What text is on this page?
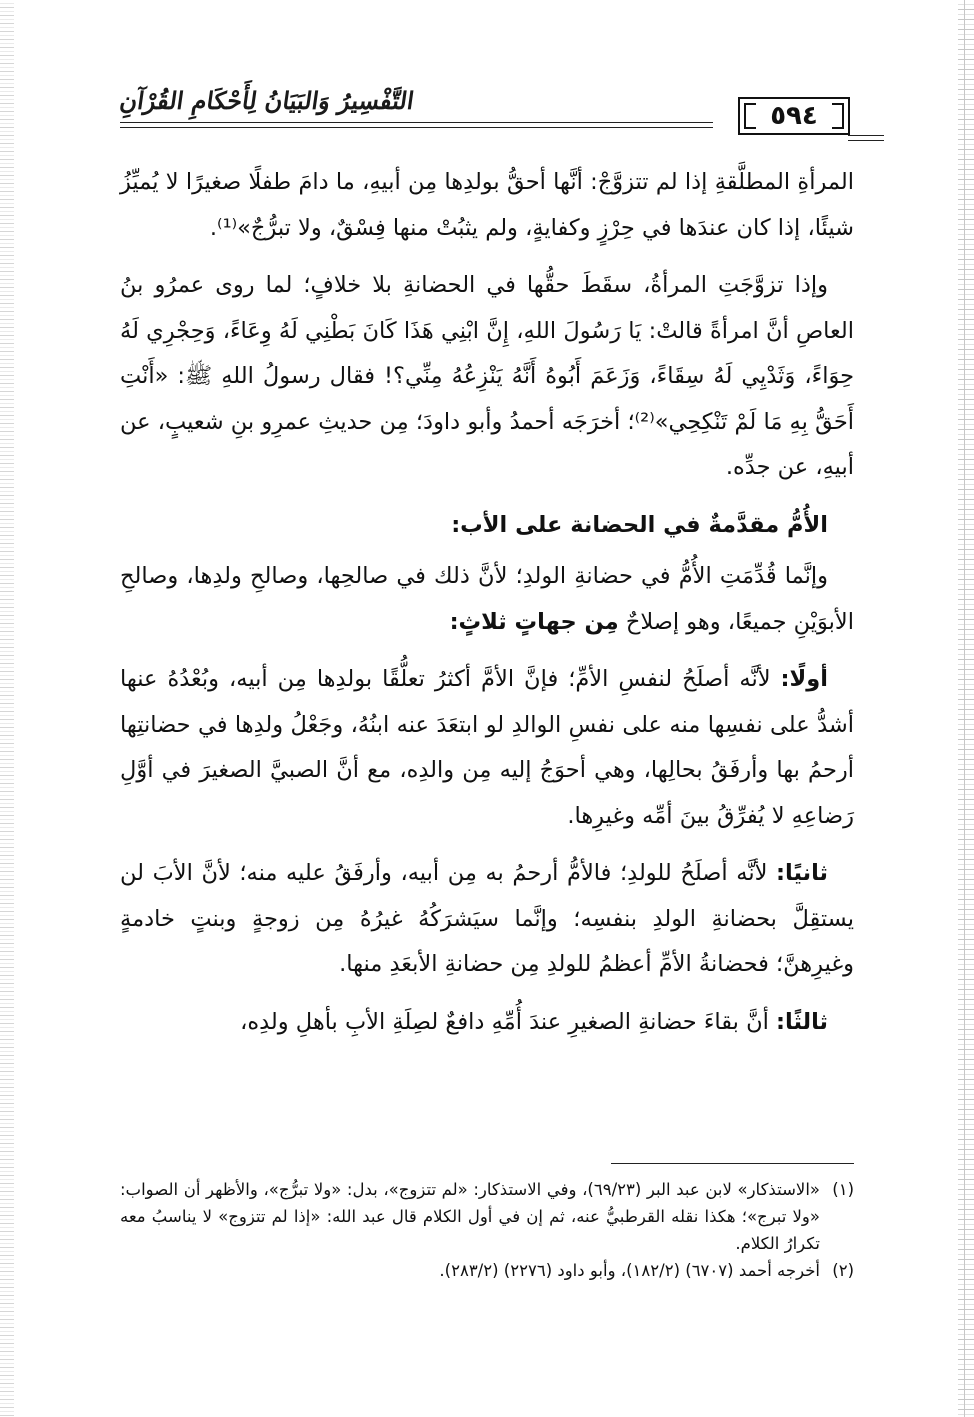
التَّفْسِيرُ وَالبَيَانُ لِأَحْكَامِ القُرْآنِ
٥٩٤

المرأةِ المطلَّقةِ إذا لم تتزوَّجْ: أنَّها أحقُّ بولدِها مِن أبيهِ، ما دامَ طفلًا صغيرًا لا يُميِّزُ شيئًا، إذا كان عندَها في حِرْزٍ وكفايةٍ، ولم يثبُتْ منها فِسْقٌ، ولا تبرُّجٌ»⁽¹⁾.

وإذا تزوَّجَتِ المرأةُ، سقَطَ حقُّها في الحضانةِ بلا خلافٍ؛ لما روى عمرُو بنُ العاصِ أنَّ امرأةً قالتْ: يَا رَسُولَ اللهِ، إِنَّ ابْنِي هَذَا كَانَ بَطْنِي لَهُ وِعَاءً، وَحِجْرِي لَهُ حِوَاءً، وَثَدْيِي لَهُ سِقَاءً، وَزَعَمَ أَبُوهُ أَنَّهُ يَنْزِعُهُ مِنِّي؟! فقال رسولُ اللهِ ﷺ: «أَنْتِ أَحَقُّ بِهِ مَا لَمْ تَنْكِحِي»⁽²⁾؛ أخرَجَه أحمدُ وأبو داودَ؛ مِن حديثِ عمرِو بنِ شعيبٍ، عن أبيهِ، عن جدِّه.

الأُمُّ مقدَّمةٌ في الحضانة على الأب:

وإنَّما قُدِّمَتِ الأُمُّ في حضانةِ الولدِ؛ لأنَّ ذلك في صالحِها، وصالحِ ولدِها، وصالحِ الأبوَيْنِ جميعًا، وهو إصلاحٌ مِن جهاتٍ ثلاثٍ:

أولًا: لأنَّه أصلَحُ لنفسِ الأمِّ؛ فإنَّ الأمَّ أكثرُ تعلُّقًا بولدِها مِن أبيه، وبُعْدُهُ عنها أشدُّ على نفسِها منه على نفسِ الوالدِ لو ابتعَدَ عنه ابنُهُ، وجَعْلُ ولدِها في حضانتِها أرحمُ بها وأرفَقُ بحالِها، وهي أحوَجُ إليه مِن والدِه، مع أنَّ الصبيَّ الصغيرَ في أوَّلِ رَضاعِهِ لا يُفرِّقُ بينَ أمِّه وغيرِها.

ثانيًا: لأنَّه أصلَحُ للولدِ؛ فالأمُّ أرحمُ به مِن أبيه، وأرفَقُ عليه منه؛ لأنَّ الأبَ لن يستقِلَّ بحضانةِ الولدِ بنفسِه؛ وإنَّما سيَشرَكُهُ غيرُهُ مِن زوجةٍ وبنتٍ خادمةٍ وغيرِهنَّ؛ فحضانةُ الأمِّ أعظمُ للولدِ مِن حضانةِ الأبعَدِ منها.

ثالثًا: أنَّ بقاءَ حضانةِ الصغيرِ عندَ أُمِّهِ دافعٌ لصِلَةِ الأبِ بأهلِ ولدِه،

(١)
«الاستذكار» لابن عبد البر (٦٩/٢٣)، وفي الاستذكار: «لم تتزوج»، بدل: «ولا تبرُّج»، والأظهر أن الصواب: «ولا تبرج»؛ هكذا نقله القرطبيُّ عنه، ثم إن في أول الكلام قال عبد الله: «إذا لم تتزوج» لا يناسبُ معه تكرارُ الكلام.

(٢)
أخرجه أحمد (٦٧٠٧) (١٨٢/٢)، وأبو داود (٢٢٧٦) (٢٨٣/٢).
